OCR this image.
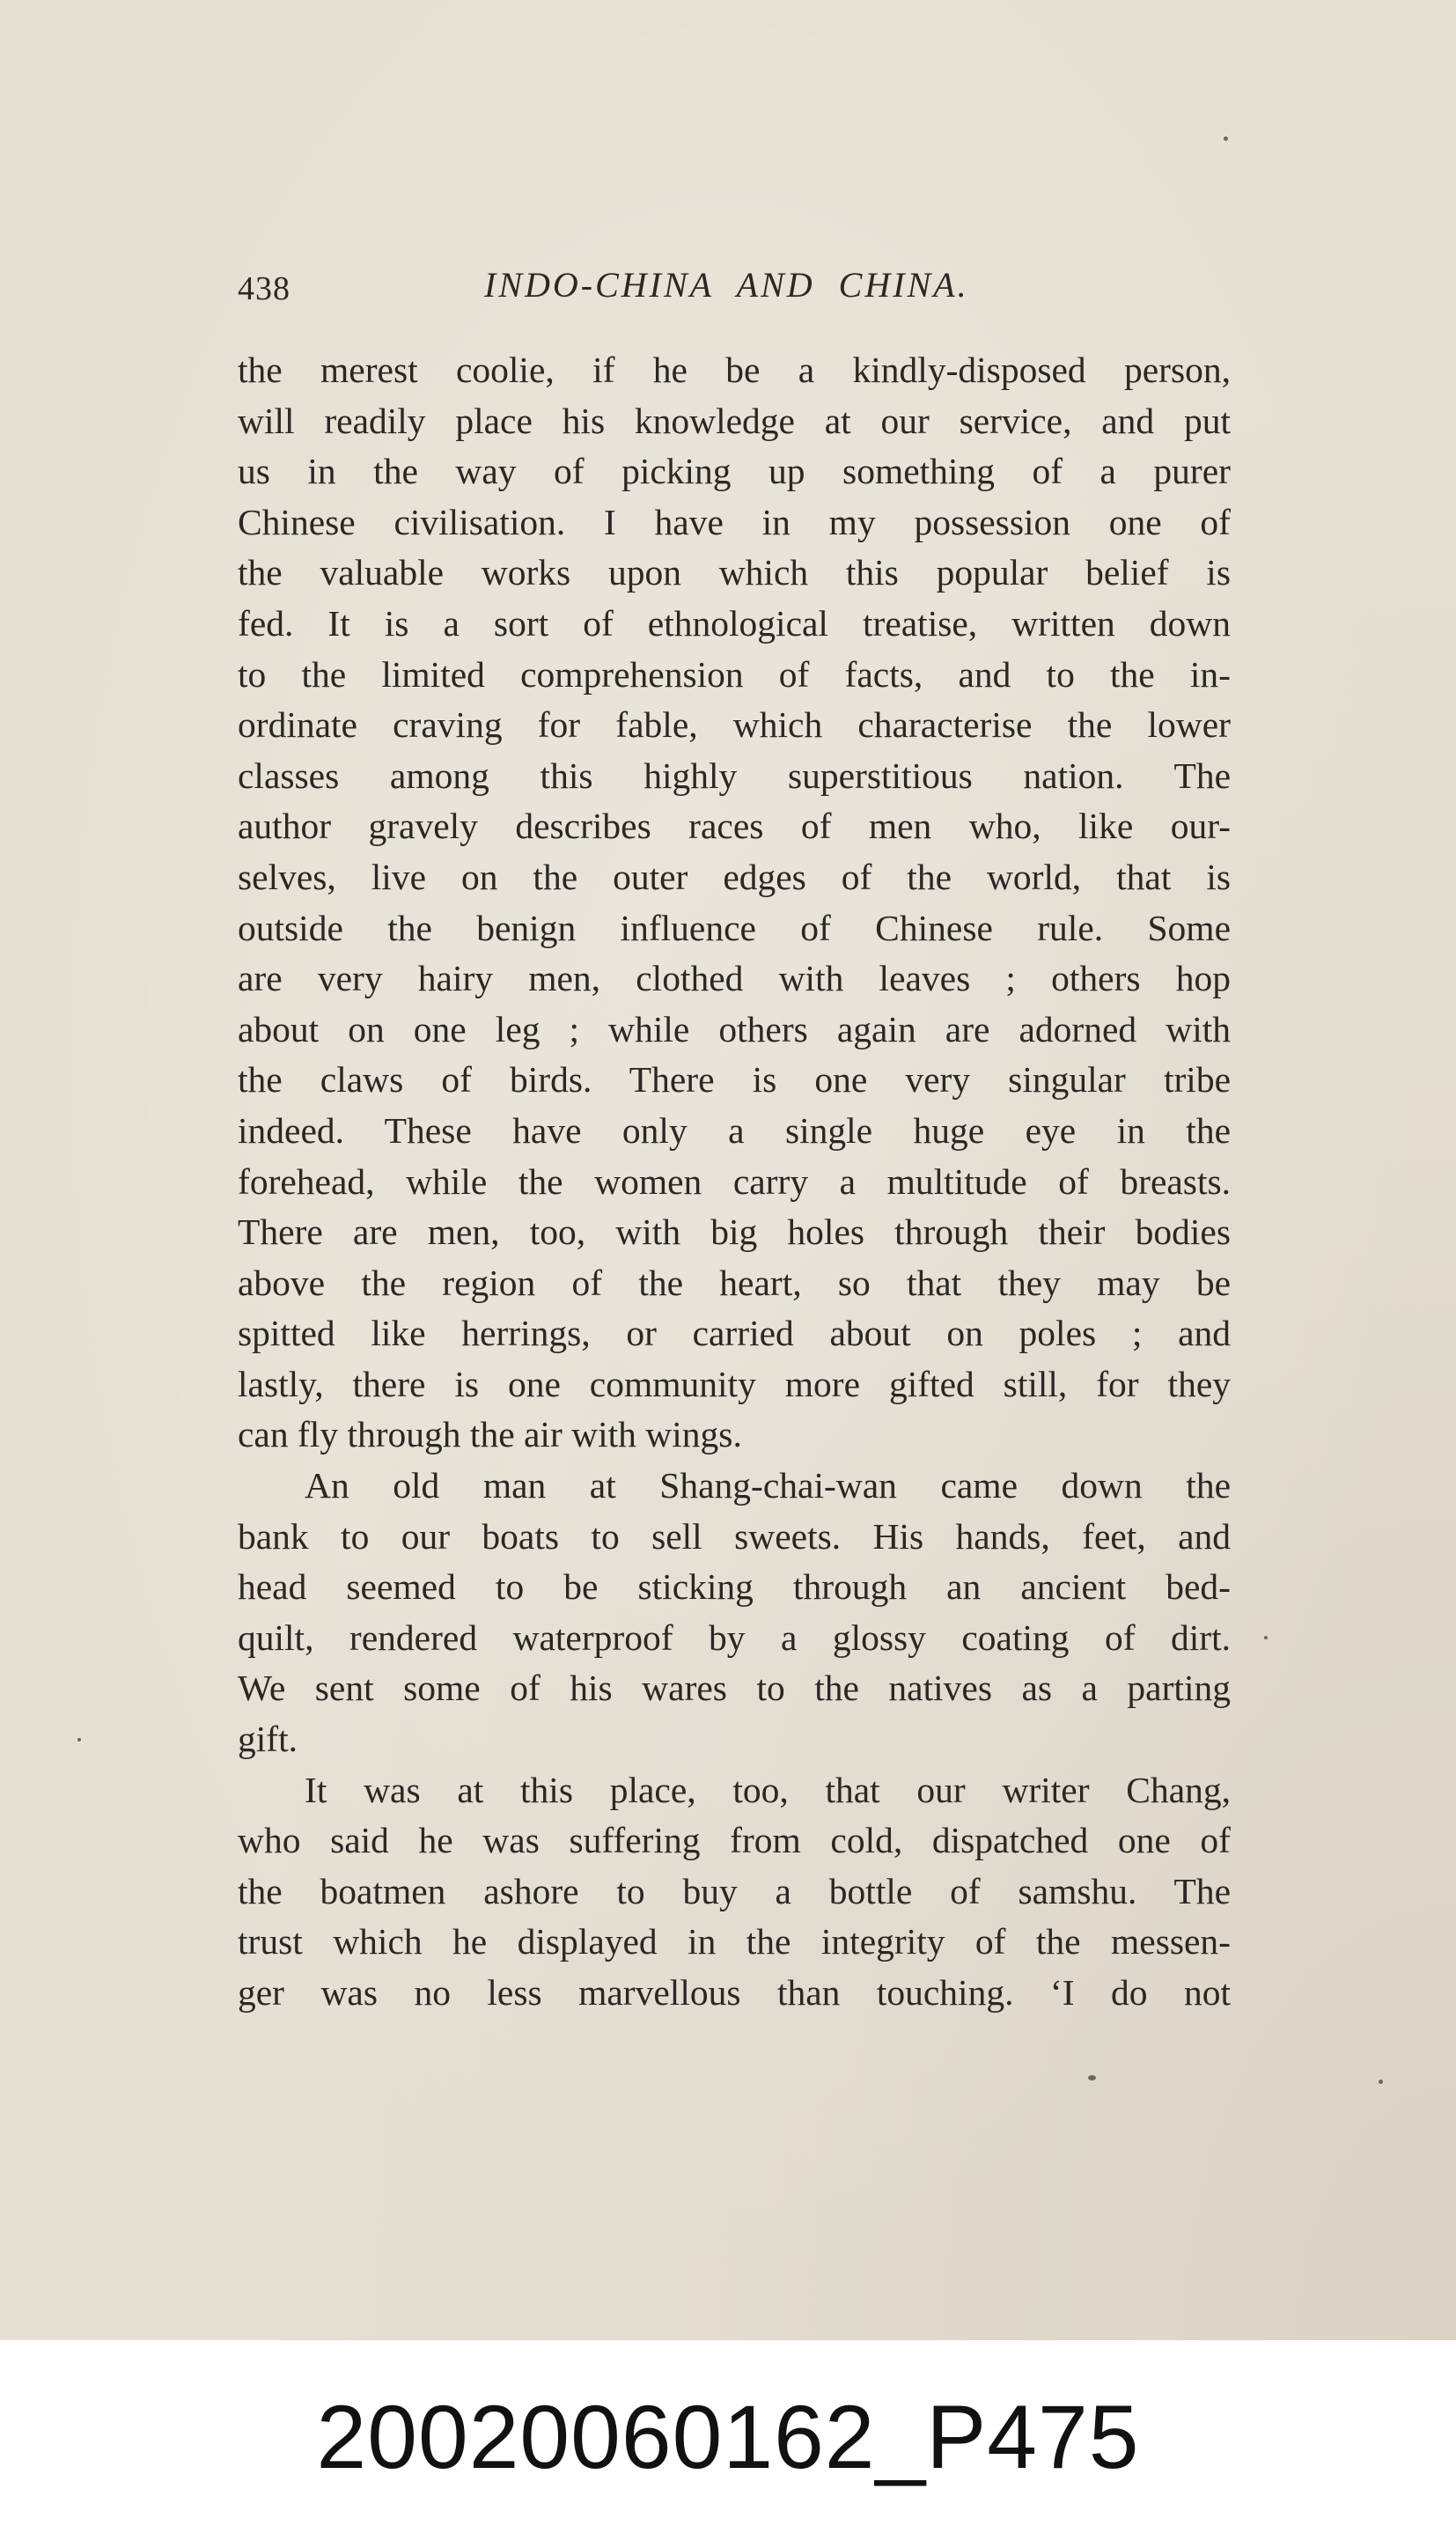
438	INDO-CHINA AND CHINA.
the merest coolie, if he be a kindly-disposed person,
will readily place his knowledge at our service, and put
us in the way of picking up something of a purer
Chinese civilisation. I have in my possession one of
the valuable works upon which this popular belief is
fed. It is a sort of ethnological treatise, written down
to the limited comprehension of facts, and to the in-
ordinate craving for fable, which characterise the lower
classes among this highly superstitious nation. The
author gravely describes races of men who, like our-
selves, live on the outer edges of the world, that is
outside the benign influence of Chinese rule. Some
are very hairy men, clothed with leaves ; others hop
about on one leg ; while others again are adorned with
the claws of birds. There is one very singular tribe
indeed. These have only a single huge eye in the
forehead, while the women carry a multitude of breasts.
There are men, too, with big holes through their bodies
above the region of the heart, so that they may be
spitted like herrings, or carried about on poles ; and
lastly, there is one community more gifted still, for they
can fly through the air with wings.
An old man at Shang-chai-wan came down the
bank to our boats to sell sweets. His hands, feet, and
head seemed to be sticking through an ancient bed-
quilt, rendered waterproof by a glossy coating of dirt.
We sent some of his wares to the natives as a parting
gift.
It was at this place, too, that our writer Chang,
who said he was suffering from cold, dispatched one of
the boatmen ashore to buy a bottle of samshu. The
trust which he displayed in the integrity of the messen-
ger was no less marvellous than touching. ‘I do not
20020060162_P475
